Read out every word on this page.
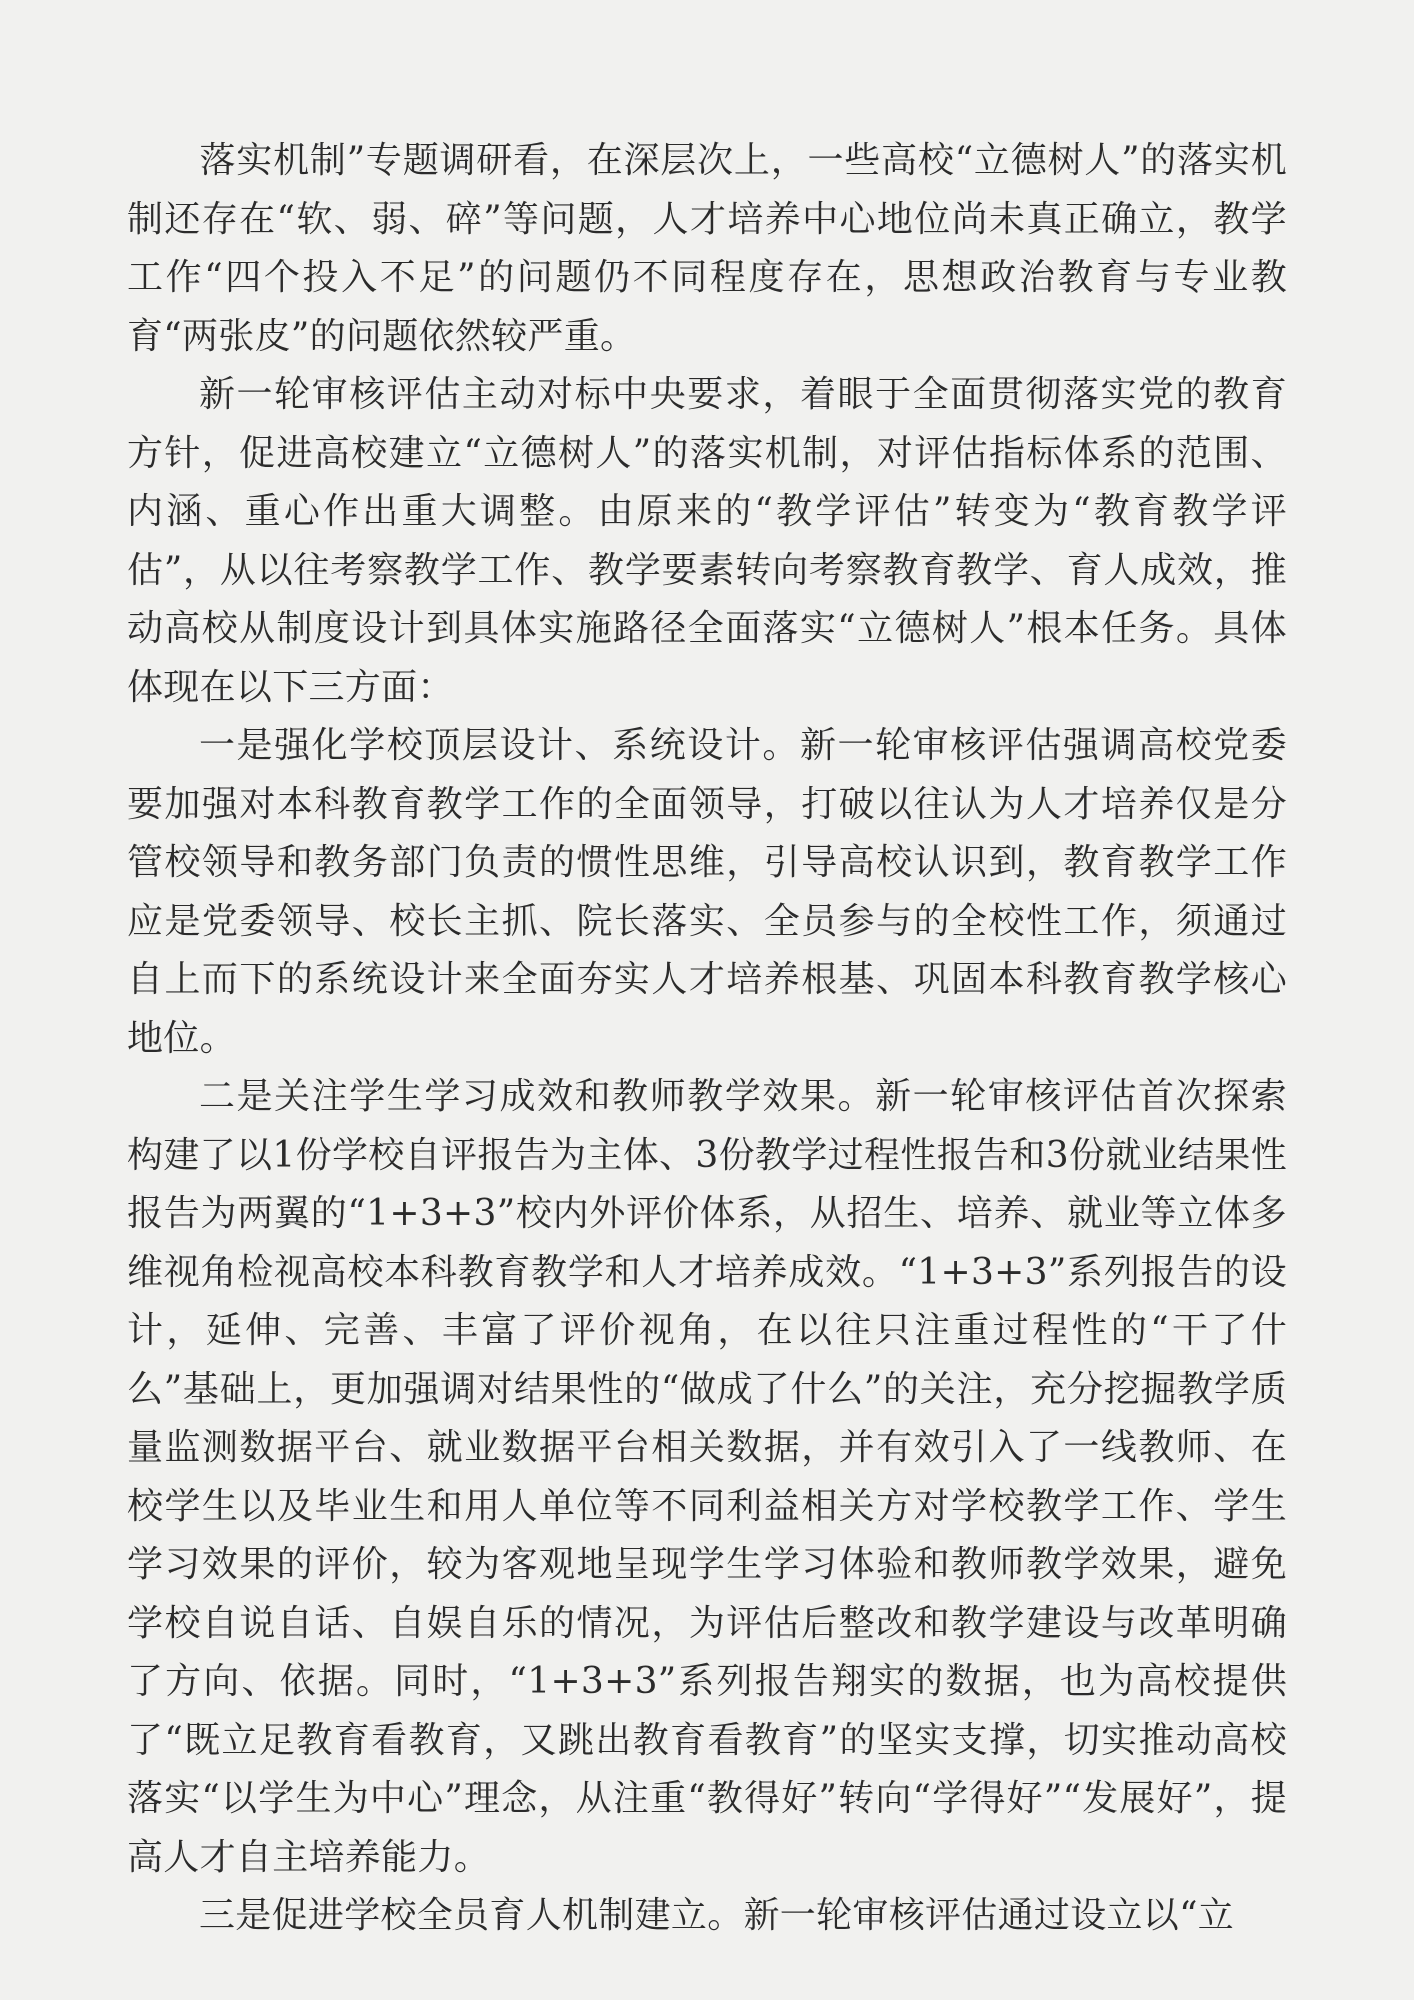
落实机制”专题调研看，在深层次上，一些高校“立德树人”的落实机制还存在“软、弱、碎”等问题，人才培养中心地位尚未真正确立，教学工作“四个投入不足”的问题仍不同程度存在，思想政治教育与专业教育“两张皮”的问题依然较严重。

新一轮审核评估主动对标中央要求，着眼于全面贯彻落实党的教育方针，促进高校建立“立德树人”的落实机制，对评估指标体系的范围、内涵、重心作出重大调整。由原来的“教学评估”转变为“教育教学评估”，从以往考察教学工作、教学要素转向考察教育教学、育人成效，推动高校从制度设计到具体实施路径全面落实“立德树人”根本任务。具体体现在以下三方面：

一是强化学校顶层设计、系统设计。新一轮审核评估强调高校党委要加强对本科教育教学工作的全面领导，打破以往认为人才培养仅是分管校领导和教务部门负责的惯性思维，引导高校认识到，教育教学工作应是党委领导、校长主抓、院长落实、全员参与的全校性工作，须通过自上而下的系统设计来全面夯实人才培养根基、巩固本科教育教学核心地位。

二是关注学生学习成效和教师教学效果。新一轮审核评估首次探索构建了以1份学校自评报告为主体、3份教学过程性报告和3份就业结果性报告为两翼的“1+3+3”校内外评价体系，从招生、培养、就业等立体多维视角检视高校本科教育教学和人才培养成效。“1+3+3”系列报告的设计，延伸、完善、丰富了评价视角，在以往只注重过程性的“干了什么”基础上，更加强调对结果性的“做成了什么”的关注，充分挖掘教学质量监测数据平台、就业数据平台相关数据，并有效引入了一线教师、在校学生以及毕业生和用人单位等不同利益相关方对学校教学工作、学生学习效果的评价，较为客观地呈现学生学习体验和教师教学效果，避免学校自说自话、自娱自乐的情况，为评估后整改和教学建设与改革明确了方向、依据。同时，“1+3+3”系列报告翔实的数据，也为高校提供了“既立足教育看教育，又跳出教育看教育”的坚实支撑，切实推动高校落实“以学生为中心”理念，从注重“教得好”转向“学得好”“发展好”，提高人才自主培养能力。

三是促进学校全员育人机制建立。新一轮审核评估通过设立以“立
